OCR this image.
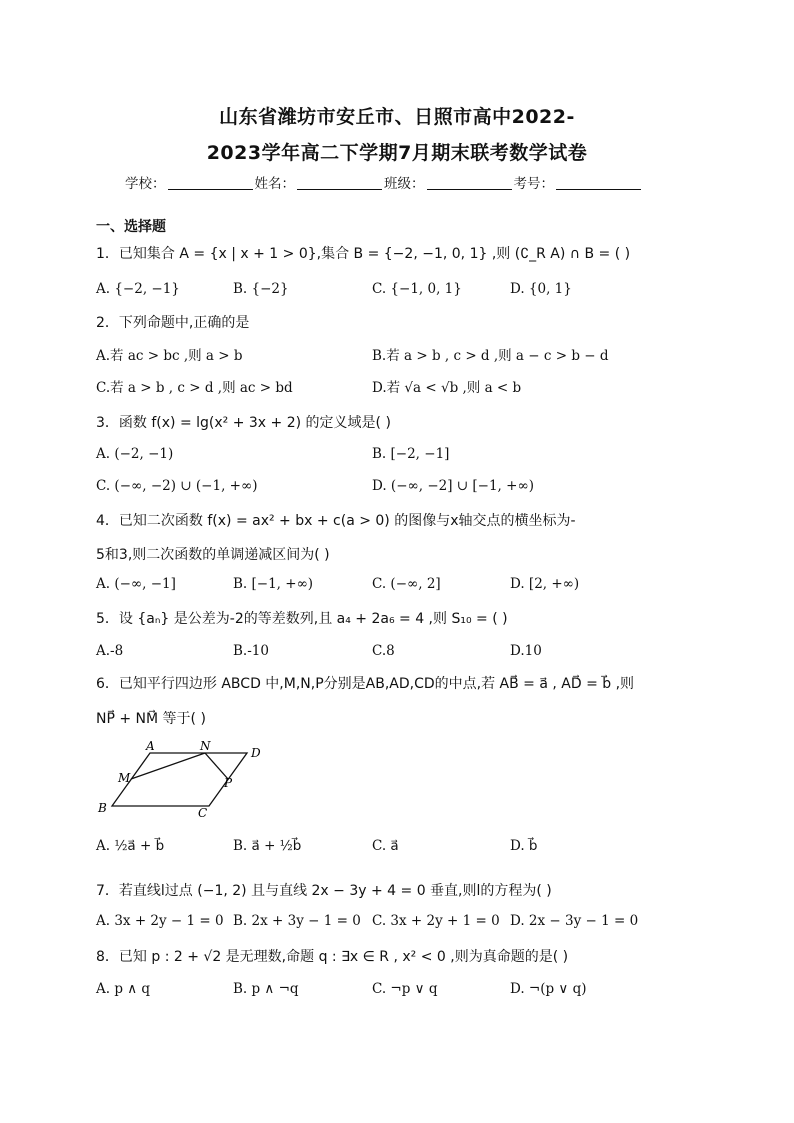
山东省潍坊市安丘市、日照市高中2022-
2023学年高二下学期7月期末联考数学试卷
学校：	姓名：	班级：	考号：
一、选择题
1．已知集合 A = {x | x + 1 > 0},集合 B = {−2, −1, 0, 1} ,则 (∁_R A) ∩ B = ( )
A. {−2, −1}	B. {−2}	C. {−1, 0, 1}	D. {0, 1}
2．下列命题中,正确的是
A.若 ac > bc ,则 a > b	B.若 a > b , c > d ,则 a − c > b − d
C.若 a > b , c > d ,则 ac > bd	D.若 √a < √b ,则 a < b
3．函数 f(x) = lg(x² + 3x + 2) 的定义域是( )
A. (−2, −1)	B. [−2, −1]
C. (−∞, −2) ∪ (−1, +∞)	D. (−∞, −2] ∪ [−1, +∞)
4．已知二次函数 f(x) = ax² + bx + c(a > 0) 的图像与x轴交点的横坐标为-
5和3,则二次函数的单调递减区间为( )
A. (−∞, −1]	B. [−1, +∞)	C. (−∞, 2]	D. [2, +∞)
5．设 {aₙ} 是公差为-2的等差数列,且 a₄ + 2a₆ = 4 ,则 S₁₀ = ( )
A.-8	B.-10	C.8	D.10
6．已知平行四边形 ABCD 中,M,N,P分别是AB,AD,CD的中点,若 AB⃗ = a⃗ , AD⃗ = b⃗ ,则
NP⃗ + NM⃗ 等于( )
A	N	D
M	P
B	C
A. ½a⃗ + b⃗	B. a⃗ + ½b⃗	C. a⃗	D. b⃗
7．若直线l过点 (−1, 2) 且与直线 2x − 3y + 4 = 0 垂直,则l的方程为( )
A. 3x + 2y − 1 = 0 B. 2x + 3y − 1 = 0 C. 3x + 2y + 1 = 0 D. 2x − 3y − 1 = 0
8．已知 p : 2 + √2 是无理数,命题 q : ∃x ∈ R , x² < 0 ,则为真命题的是( )
A. p ∧ q	B. p ∧ ¬q	C. ¬p ∨ q	D. ¬(p ∨ q)
